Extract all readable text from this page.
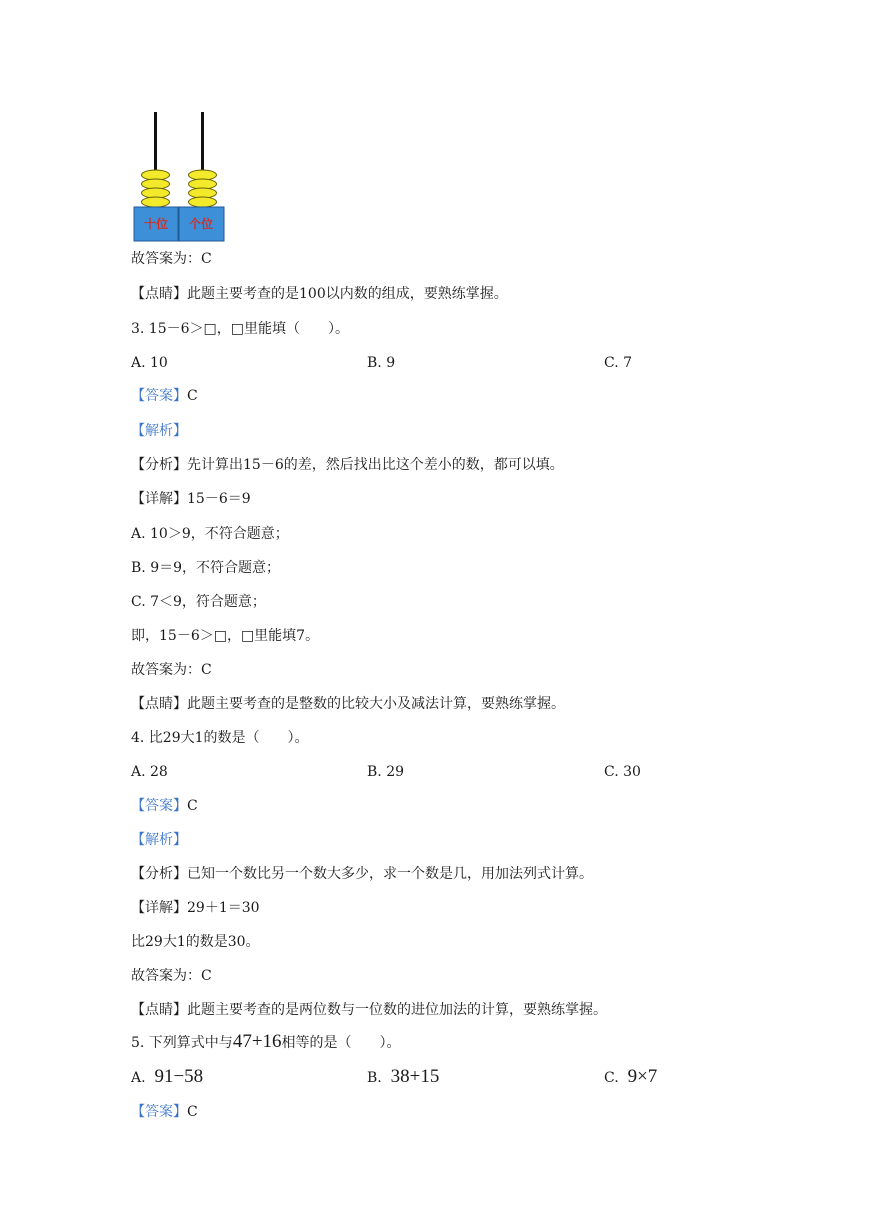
十位 个位
故答案为：C
【点睛】此题主要考查的是100以内数的组成，要熟练掌握。
3. 15－6＞□，□里能填（　　）。
A. 10	B. 9	C. 7
【答案】C
【解析】
【分析】先计算出15－6的差，然后找出比这个差小的数，都可以填。
【详解】15－6＝9
A. 10＞9，不符合题意；
B. 9＝9，不符合题意；
C. 7＜9，符合题意；
即，15－6＞□，□里能填7。
故答案为：C
【点睛】此题主要考查的是整数的比较大小及减法计算，要熟练掌握。
4. 比29大1的数是（　　）。
A. 28	B. 29	C. 30
【答案】C
【解析】
【分析】已知一个数比另一个数大多少，求一个数是几，用加法列式计算。
【详解】29＋1＝30
比29大1的数是30。
故答案为：C
【点睛】此题主要考查的是两位数与一位数的进位加法的计算，要熟练掌握。
5. 下列算式中与47+16相等的是（　　）。
A. 91−58	B. 38+15	C. 9×7
【答案】C
